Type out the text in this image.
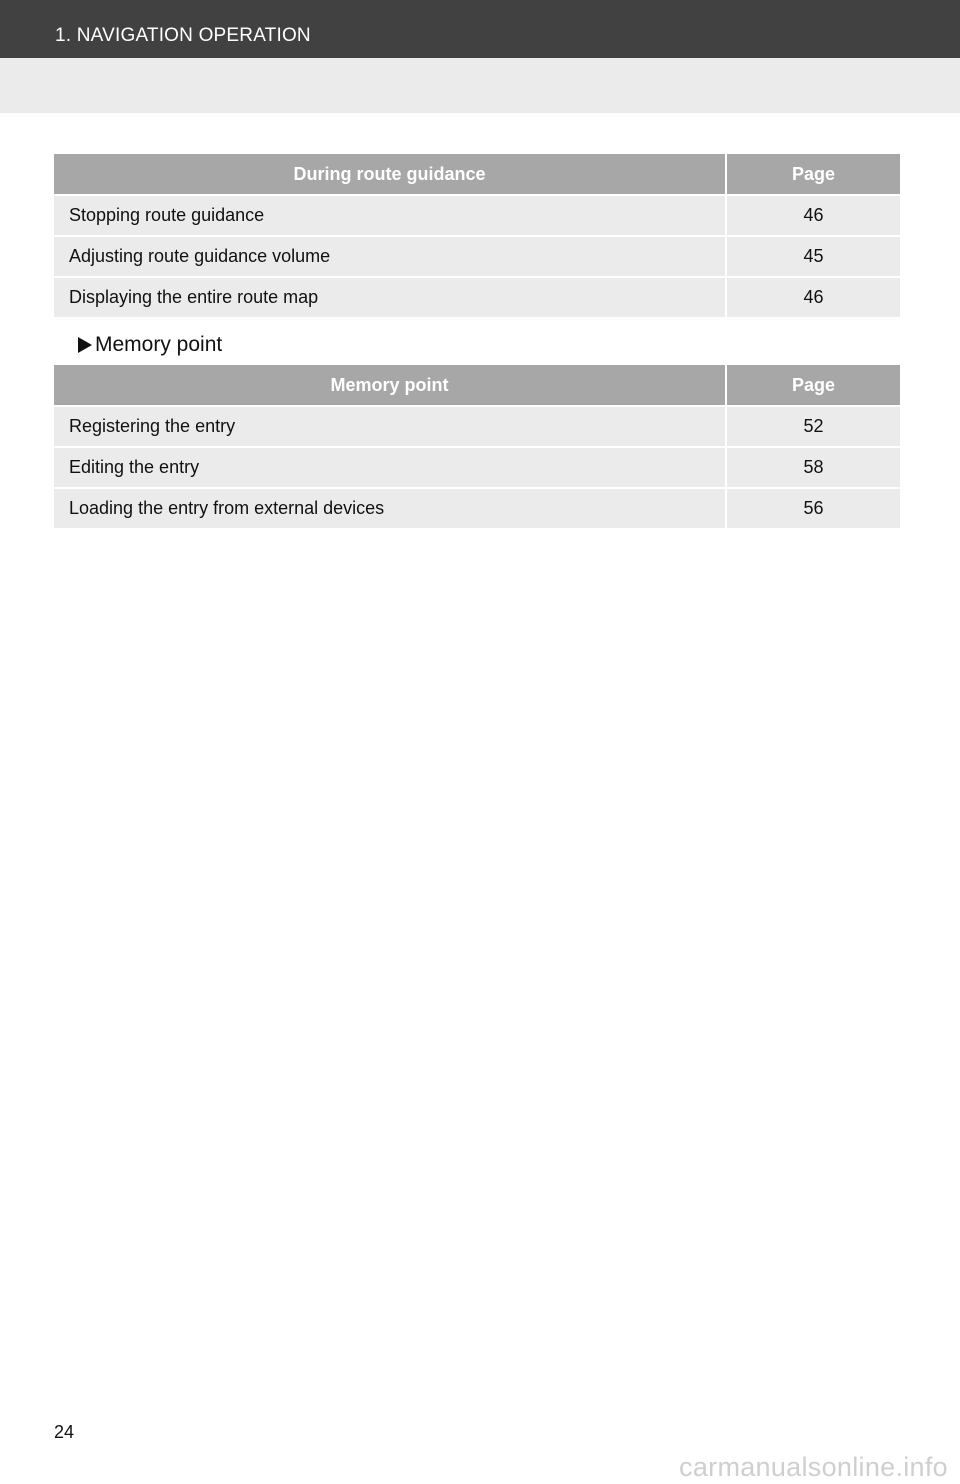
1. NAVIGATION OPERATION
During route guidance	Page
Stopping route guidance	46
Adjusting route guidance volume	45
Displaying the entire route map	46
Memory point
Memory point	Page
Registering the entry	52
Editing the entry	58
Loading the entry from external devices	56
24
carmanualsonline.info
